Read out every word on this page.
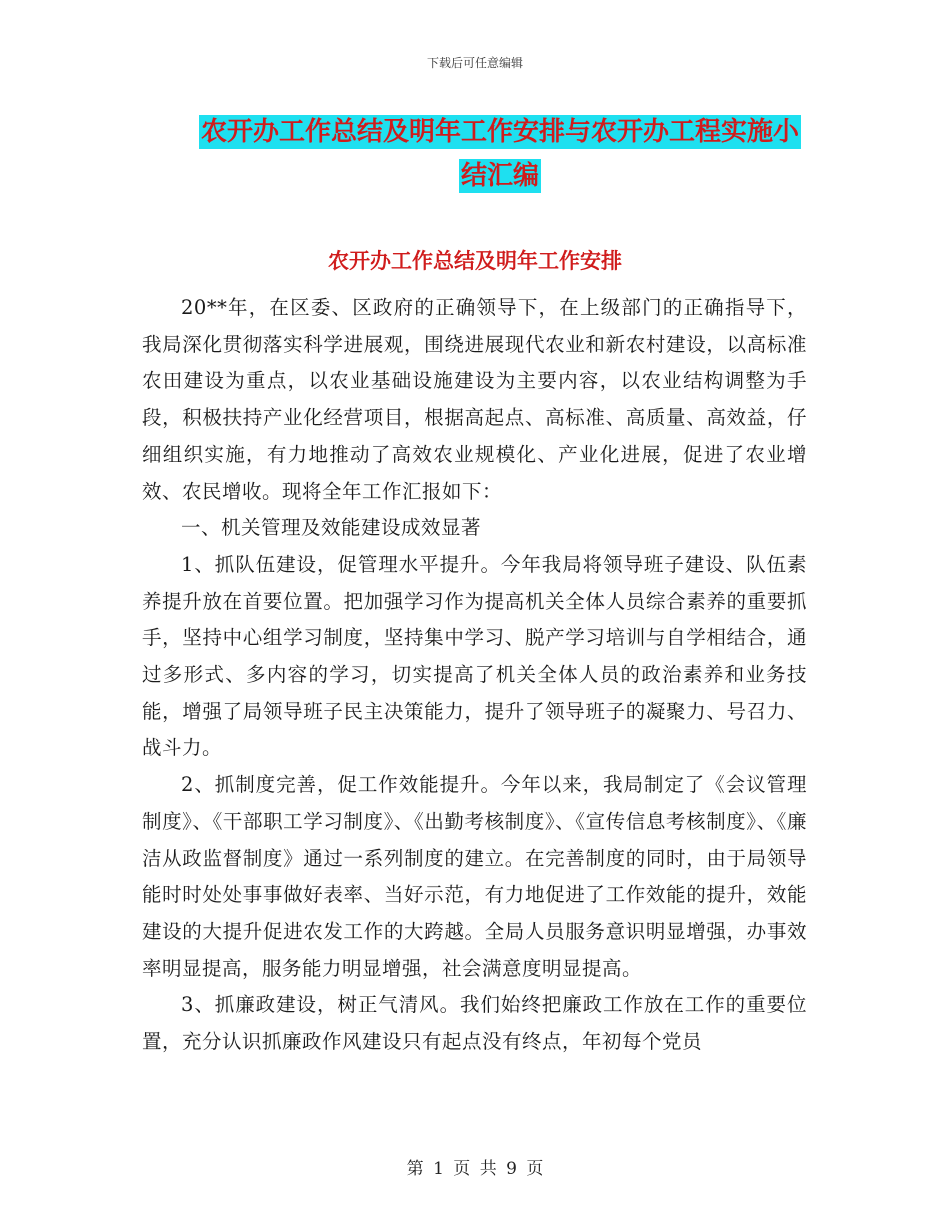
下载后可任意编辑
农开办工作总结及明年工作安排与农开办工程实施小
结汇编
农开办工作总结及明年工作安排

20**年，在区委、区政府的正确领导下，在上级部门的正确指导下，我局深化贯彻落实科学进展观，围绕进展现代农业和新农村建设，以高标准农田建设为重点，以农业基础设施建设为主要内容，以农业结构调整为手段，积极扶持产业化经营项目，根据高起点、高标准、高质量、高效益，仔细组织实施，有力地推动了高效农业规模化、产业化进展，促进了农业增效、农民增收。现将全年工作汇报如下：

一、机关管理及效能建设成效显著

1、抓队伍建设，促管理水平提升。今年我局将领导班子建设、队伍素养提升放在首要位置。把加强学习作为提高机关全体人员综合素养的重要抓手，坚持中心组学习制度，坚持集中学习、脱产学习培训与自学相结合，通过多形式、多内容的学习，切实提高了机关全体人员的政治素养和业务技能，增强了局领导班子民主决策能力，提升了领导班子的凝聚力、号召力、战斗力。

2、抓制度完善，促工作效能提升。今年以来，我局制定了《会议管理制度》、《干部职工学习制度》、《出勤考核制度》、《宣传信息考核制度》、《廉洁从政监督制度》通过一系列制度的建立。在完善制度的同时，由于局领导能时时处处事事做好表率、当好示范，有力地促进了工作效能的提升，效能建设的大提升促进农发工作的大跨越。全局人员服务意识明显增强，办事效率明显提高，服务能力明显增强，社会满意度明显提高。

3、抓廉政建设，树正气清风。我们始终把廉政工作放在工作的重要位置，充分认识抓廉政作风建设只有起点没有终点，年初每个党员

第 1 页 共 9 页
